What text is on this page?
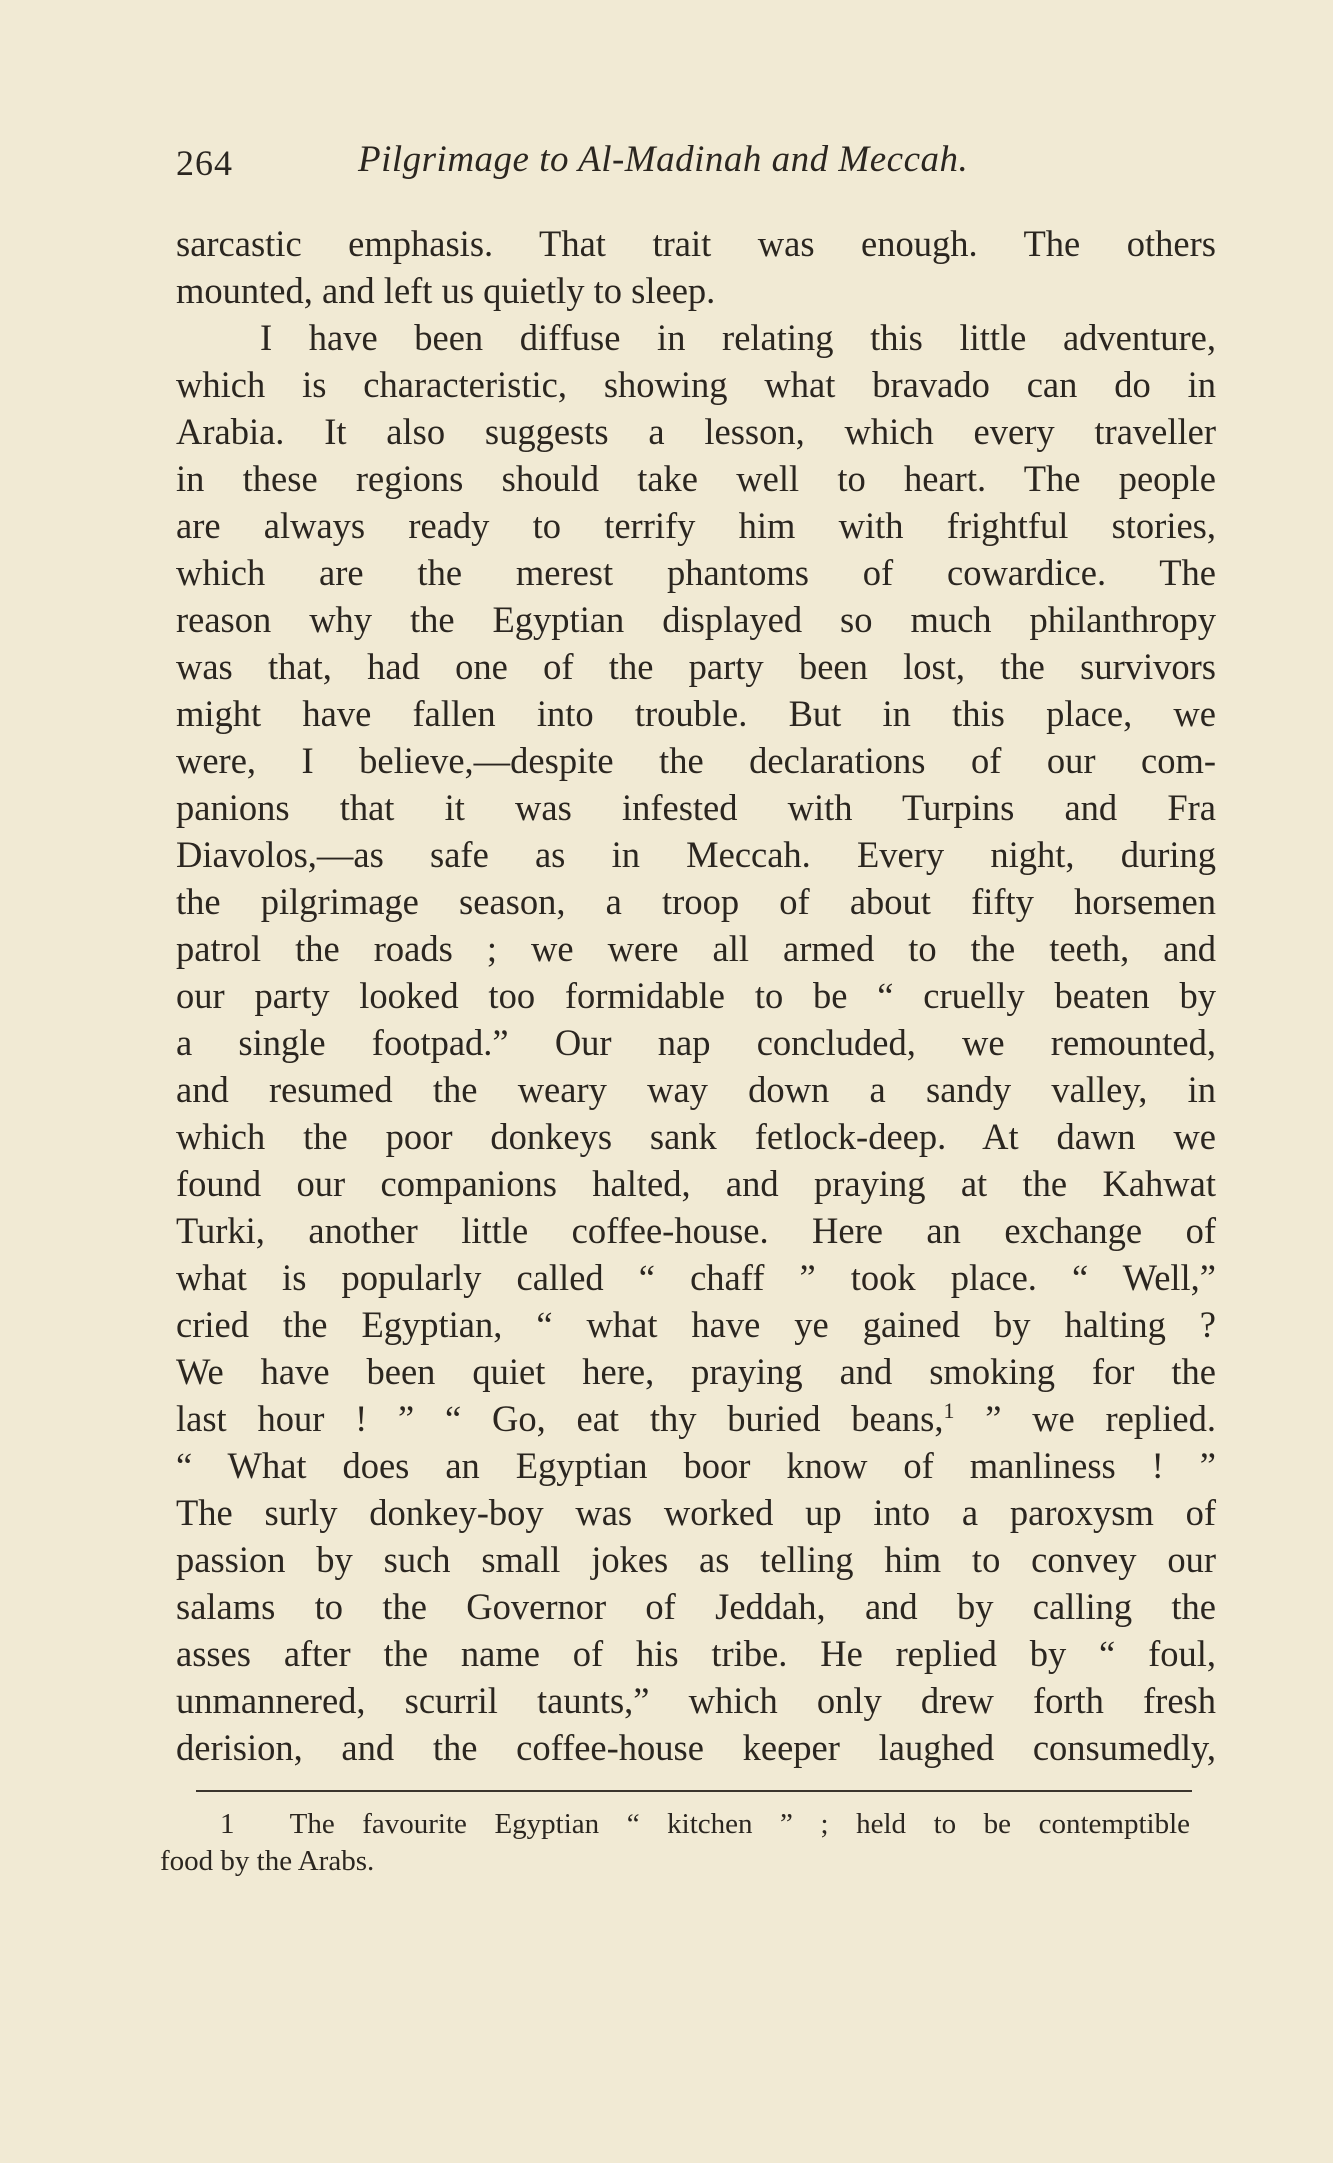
264	Pilgrimage to Al-Madinah and Meccah.
sarcastic emphasis. That trait was enough. The others
mounted, and left us quietly to sleep.
I have been diffuse in relating this little adventure,
which is characteristic, showing what bravado can do in
Arabia. It also suggests a lesson, which every traveller
in these regions should take well to heart. The people
are always ready to terrify him with frightful stories,
which are the merest phantoms of cowardice. The
reason why the Egyptian displayed so much philanthropy
was that, had one of the party been lost, the survivors
might have fallen into trouble. But in this place, we
were, I believe,—despite the declarations of our com-
panions that it was infested with Turpins and Fra
Diavolos,—as safe as in Meccah. Every night, during
the pilgrimage season, a troop of about fifty horsemen
patrol the roads ; we were all armed to the teeth, and
our party looked too formidable to be “ cruelly beaten by
a single footpad.” Our nap concluded, we remounted,
and resumed the weary way down a sandy valley, in
which the poor donkeys sank fetlock-deep. At dawn we
found our companions halted, and praying at the Kahwat
Turki, another little coffee-house. Here an exchange of
what is popularly called “ chaff ” took place. “ Well,”
cried the Egyptian, “ what have ye gained by halting ?
We have been quiet here, praying and smoking for the
last hour ! ” “ Go, eat thy buried beans,$^1$ ” we replied.
“ What does an Egyptian boor know of manliness ! ”
The surly donkey-boy was worked up into a paroxysm of
passion by such small jokes as telling him to convey our
salams to the Governor of Jeddah, and by calling the
asses after the name of his tribe. He replied by “ foul,
unmannered, scurril taunts,” which only drew forth fresh
derision, and the coffee-house keeper laughed consumedly,
1 The favourite Egyptian “ kitchen ” ; held to be contemptible
food by the Arabs.
